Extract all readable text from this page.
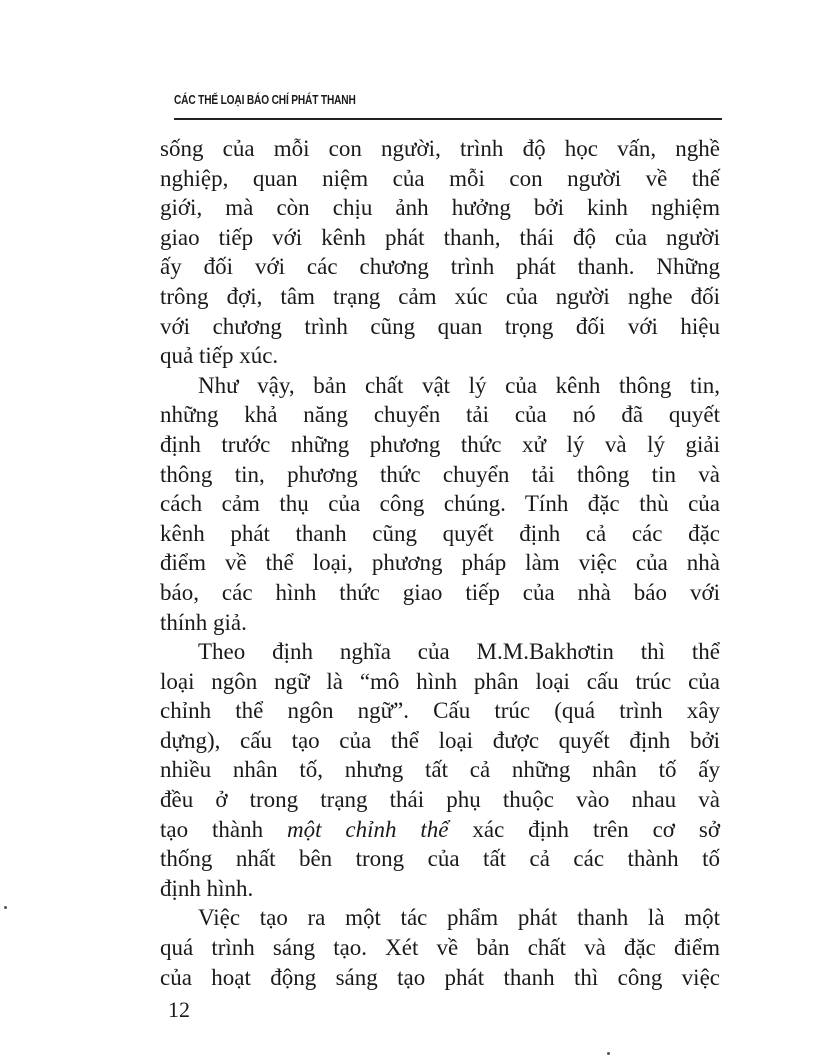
CÁC THỂ LOẠI BÁO CHÍ PHÁT THANH
sống của mỗi con người, trình độ học vấn, nghề
nghiệp, quan niệm của mỗi con người về thế
giới, mà còn chịu ảnh hưởng bởi kinh nghiệm
giao tiếp với kênh phát thanh, thái độ của người
ấy đối với các chương trình phát thanh. Những
trông đợi, tâm trạng cảm xúc của người nghe đối
với chương trình cũng quan trọng đối với hiệu
quả tiếp xúc.
Như vậy, bản chất vật lý của kênh thông tin,
những khả năng chuyển tải của nó đã quyết
định trước những phương thức xử lý và lý giải
thông tin, phương thức chuyển tải thông tin và
cách cảm thụ của công chúng. Tính đặc thù của
kênh phát thanh cũng quyết định cả các đặc
điểm về thể loại, phương pháp làm việc của nhà
báo, các hình thức giao tiếp của nhà báo với
thính giả.
Theo định nghĩa của M.M.Bakhơtin thì thể
loại ngôn ngữ là “mô hình phân loại cấu trúc của
chỉnh thể ngôn ngữ”. Cấu trúc (quá trình xây
dựng), cấu tạo của thể loại được quyết định bởi
nhiều nhân tố, nhưng tất cả những nhân tố ấy
đều ở trong trạng thái phụ thuộc vào nhau và
tạo thành một chỉnh thể xác định trên cơ sở
thống nhất bên trong của tất cả các thành tố
định hình.
Việc tạo ra một tác phẩm phát thanh là một
quá trình sáng tạo. Xét về bản chất và đặc điểm
của hoạt động sáng tạo phát thanh thì công việc
12
